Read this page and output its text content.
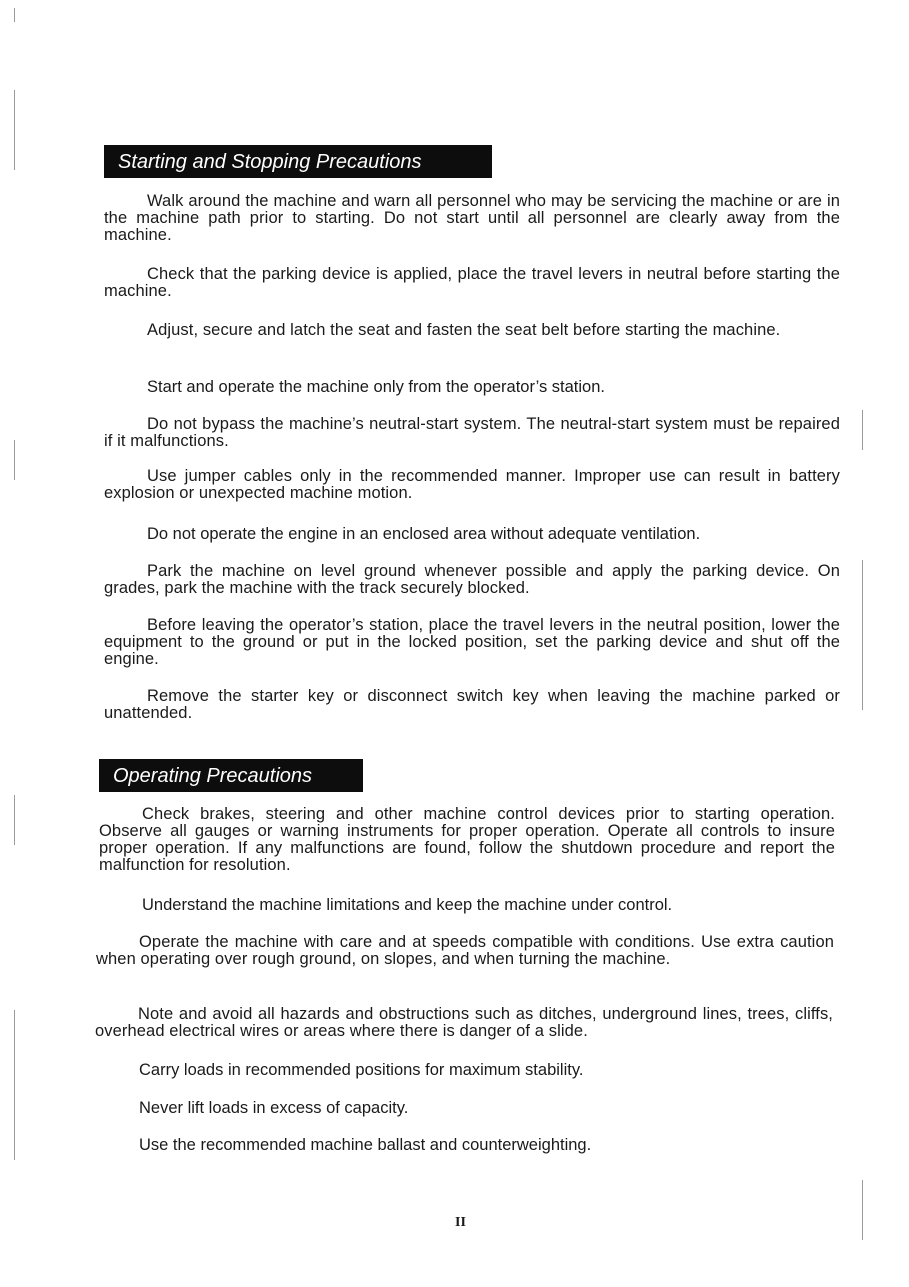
Starting and Stopping Precautions

Walk around the machine and warn all personnel who may be servicing the machine or are in the machine path prior to starting. Do not start until all personnel are clearly away from the machine.

Check that the parking device is applied, place the travel levers in neutral before starting the machine.

Adjust, secure and latch the seat and fasten the seat belt before starting the machine.

Start and operate the machine only from the operator’s station.

Do not bypass the machine’s neutral-start system. The neutral-start system must be repaired if it malfunctions.

Use jumper cables only in the recommended manner. Improper use can result in battery explosion or unexpected machine motion.

Do not operate the engine in an enclosed area without adequate ventilation.

Park the machine on level ground whenever possible and apply the parking device. On grades, park the machine with the track securely blocked.

Before leaving the operator’s station, place the travel levers in the neutral position, lower the equipment to the ground or put in the locked position, set the parking device and shut off the engine.

Remove the starter key or disconnect switch key when leaving the machine parked or unattended.

Operating Precautions

Check brakes, steering and other machine control devices prior to starting operation. Observe all gauges or warning instruments for proper operation. Operate all controls to insure proper operation. If any malfunctions are found, follow the shutdown procedure and report the malfunction for resolution.

Understand the machine limitations and keep the machine under control.

Operate the machine with care and at speeds compatible with conditions. Use extra caution when operating over rough ground, on slopes, and when turning the machine.

Note and avoid all hazards and obstructions such as ditches, underground lines, trees, cliffs, overhead electrical wires or areas where there is danger of a slide.

Carry loads in recommended positions for maximum stability.
Never lift loads in excess of capacity.
Use the recommended machine ballast and counterweighting.
II
